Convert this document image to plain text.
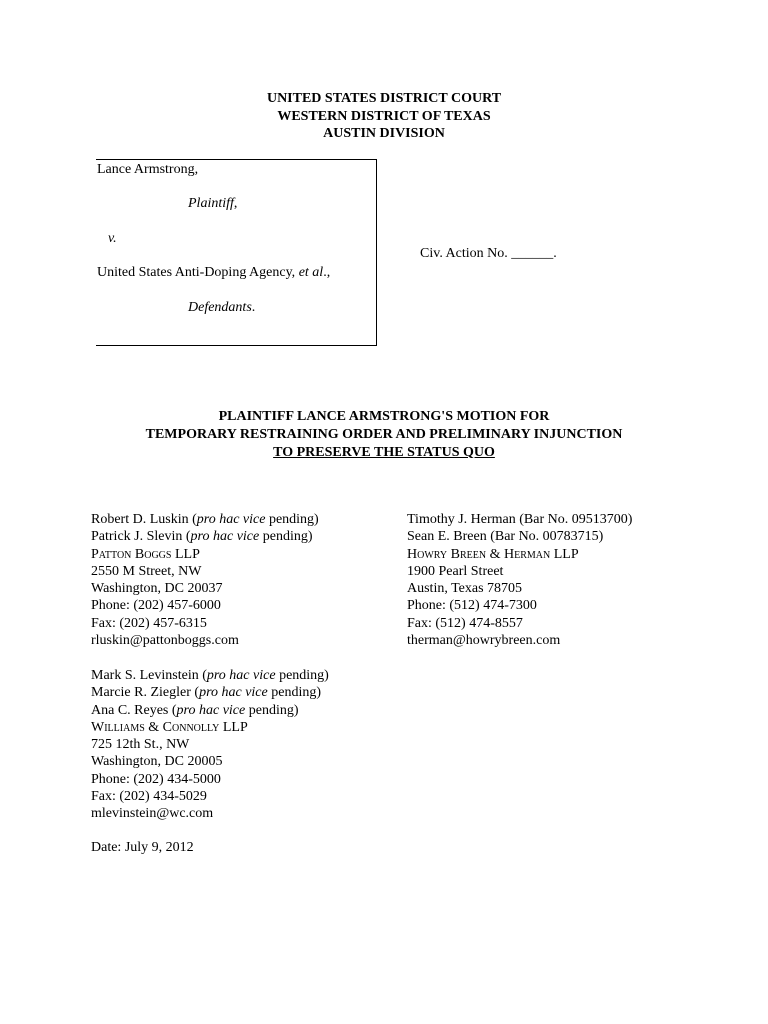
UNITED STATES DISTRICT COURT
WESTERN DISTRICT OF TEXAS
AUSTIN DIVISION
Lance Armstrong,
Plaintiff,
v.
United States Anti-Doping Agency, et al.,
Defendants.
Civ. Action No. ______.
PLAINTIFF LANCE ARMSTRONG'S MOTION FOR
TEMPORARY RESTRAINING ORDER AND PRELIMINARY INJUNCTION
TO PRESERVE THE STATUS QUO
Robert D. Luskin (pro hac vice pending)
Patrick J. Slevin (pro hac vice pending)
Patton Boggs LLP
2550 M Street, NW
Washington, DC 20037
Phone: (202) 457-6000
Fax: (202) 457-6315
rluskin@pattonboggs.com
Timothy J. Herman (Bar No. 09513700)
Sean E. Breen (Bar No. 00783715)
Howry Breen & Herman LLP
1900 Pearl Street
Austin, Texas 78705
Phone: (512) 474-7300
Fax: (512) 474-8557
therman@howrybreen.com
Mark S. Levinstein (pro hac vice pending)
Marcie R. Ziegler (pro hac vice pending)
Ana C. Reyes (pro hac vice pending)
Williams & Connolly LLP
725 12th St., NW
Washington, DC 20005
Phone: (202) 434-5000
Fax: (202) 434-5029
mlevinstein@wc.com
Date: July 9, 2012
